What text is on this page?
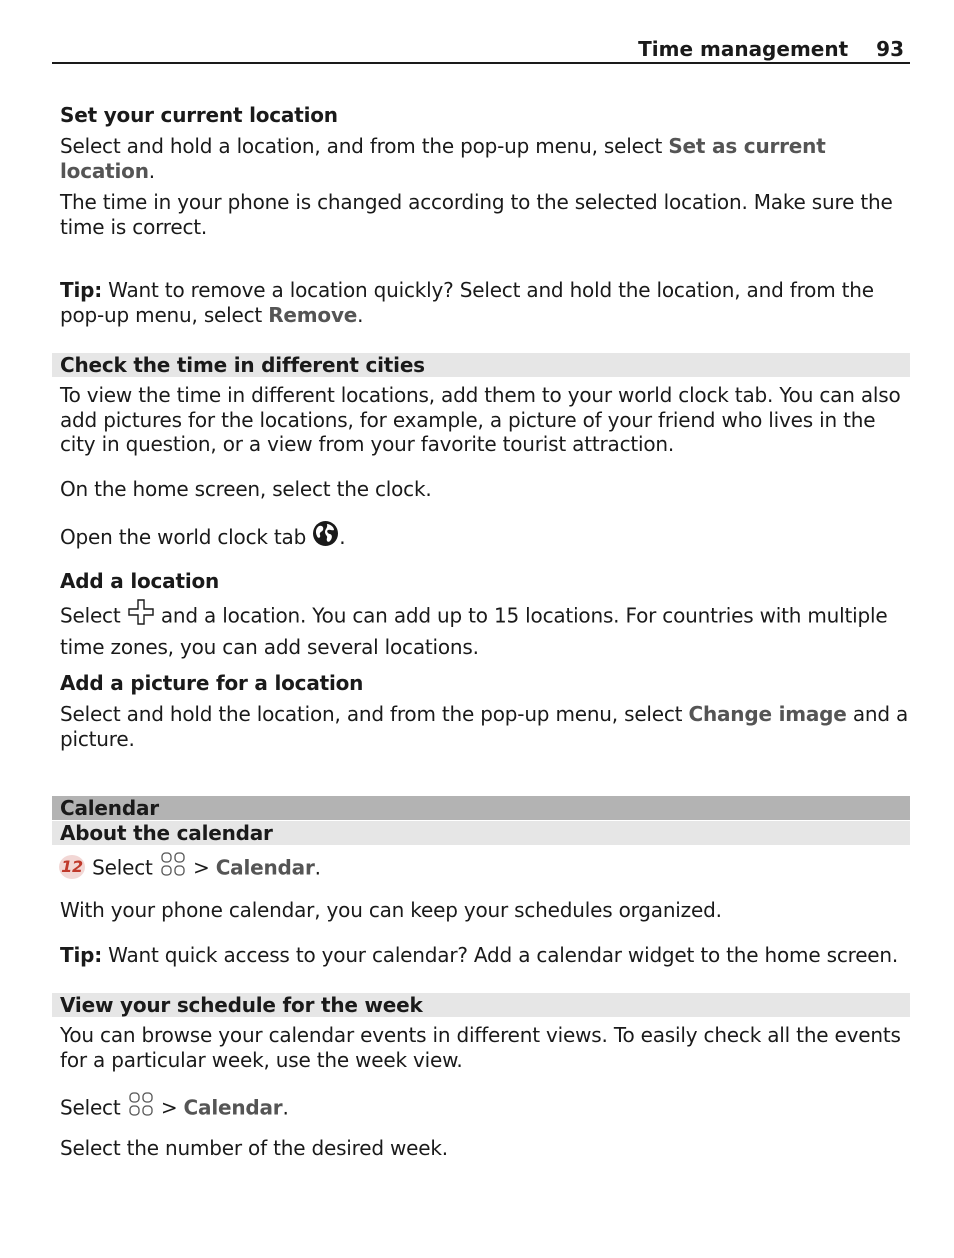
Time management 93
Set your current location
Select and hold a location, and from the pop-up menu, select Set as current
location.
The time in your phone is changed according to the selected location. Make sure the
time is correct.
Tip: Want to remove a location quickly? Select and hold the location, and from the
pop-up menu, select Remove.
Check the time in different cities
To view the time in different locations, add them to your world clock tab. You can also
add pictures for the locations, for example, a picture of your friend who lives in the
city in question, or a view from your favorite tourist attraction.
On the home screen, select the clock.
Open the world clock tab .
Add a location
Select  and a location. You can add up to 15 locations. For countries with multiple
time zones, you can add several locations.
Add a picture for a location
Select and hold the location, and from the pop-up menu, select Change image and a
picture.
Calendar
About the calendar
12 Select  > Calendar.
With your phone calendar, you can keep your schedules organized.
Tip: Want quick access to your calendar? Add a calendar widget to the home screen.
View your schedule for the week
You can browse your calendar events in different views. To easily check all the events
for a particular week, use the week view.
Select  > Calendar.
Select the number of the desired week.
